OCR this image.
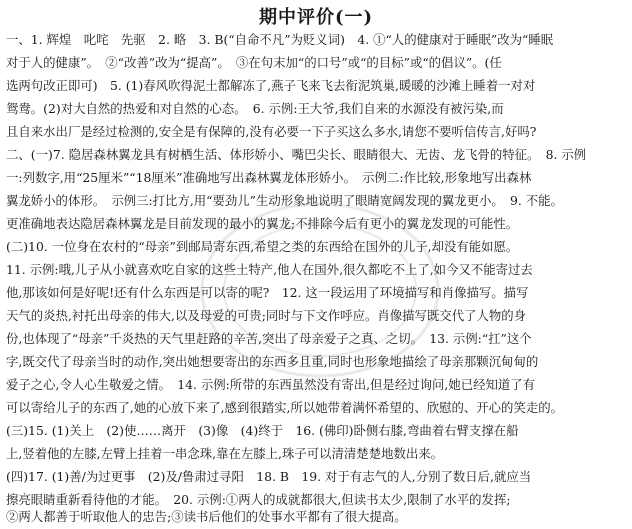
期中评价(一)
一、1. 辉煌　叱咤　先驱　2. 略　3. B(“自命不凡”为贬义词)　4. ①“人的健康对于睡眠”改为“睡眠
对于人的健康”。　②“改善”改为“提高”。　③在句末加“的口号”或“的目标”或“的倡议”。(任
选两句改正即可)　5. (1)春风吹得泥土都解冻了,燕子飞来飞去衔泥筑巢,暖暖的沙滩上睡着一对对
鸳鸯。(2)对大自然的热爱和对自然的心态。　6. 示例:王大爷,我们自来的水源没有被污染,而
且自来水出厂是经过检测的,安全是有保障的,没有必要一下子买这么多水,请您不要听信传言,好吗?
二、(一)7. 隐居森林翼龙具有树栖生活、体形娇小、嘴巴尖长、眼睛很大、无齿、龙飞骨的特征。　8. 示例
一:列数字,用“25厘米”“18厘米”准确地写出森林翼龙体形娇小。　示例二:作比较,形象地写出森林
翼龙娇小的体形。　示例三:打比方,用“要劲儿”生动形象地说明了眼睛宽阔发现的翼龙更小。　9. 不能。
更准确地表达隐居森林翼龙是目前发现的最小的翼龙;不排除今后有更小的翼龙发现的可能性。
(二)10. 一位身在农村的“母亲”到邮局寄东西,希望之类的东西给在国外的儿子,却没有能如愿。
11. 示例:哦,儿子从小就喜欢吃自家的这些土特产,他人在国外,很久都吃不上了,如今又不能寄过去
他,那该如何是好呢!还有什么东西是可以寄的呢?　12. 这一段运用了环境描写和肖像描写。描写
天气的炎热,衬托出母亲的伟大,以及母爱的可贵;同时与下文作呼应。肖像描写既交代了人物的身
份,也体现了“母亲”千炎热的天气里赶路的辛苦,突出了母亲爱子之真、之切。　13. 示例:“扛”这个
字,既交代了母亲当时的动作,突出她想要寄出的东西多且重,同时也形象地描绘了母亲那颗沉甸甸的
爱子之心,令人心生敬爱之情。　14. 示例:所带的东西虽然没有寄出,但是经过询问,她已经知道了有
可以寄给儿子的东西了,她的心放下来了,感到很踏实,所以她带着满怀希望的、欣慰的、开心的笑走的。
(三)15. (1)关上　(2)使……离开　(3)像　(4)终于　16. (佛印)卧侧右膝,弯曲着右臂支撑在船
上,竖着他的左膝,左臂上挂着一串念珠,靠在左膝上,珠子可以清清楚楚地数出来。
(四)17. (1)善/为过更事　(2)及/鲁肃过寻阳　18. B　19. 对于有志气的人,分别了数日后,就应当
擦亮眼睛重新看待他的才能。　20. 示例:①两人的成就都很大,但读书太少,限制了水平的发挥;
②两人都善于听取他人的忠告;③读书后他们的处事水平都有了很大提高。
